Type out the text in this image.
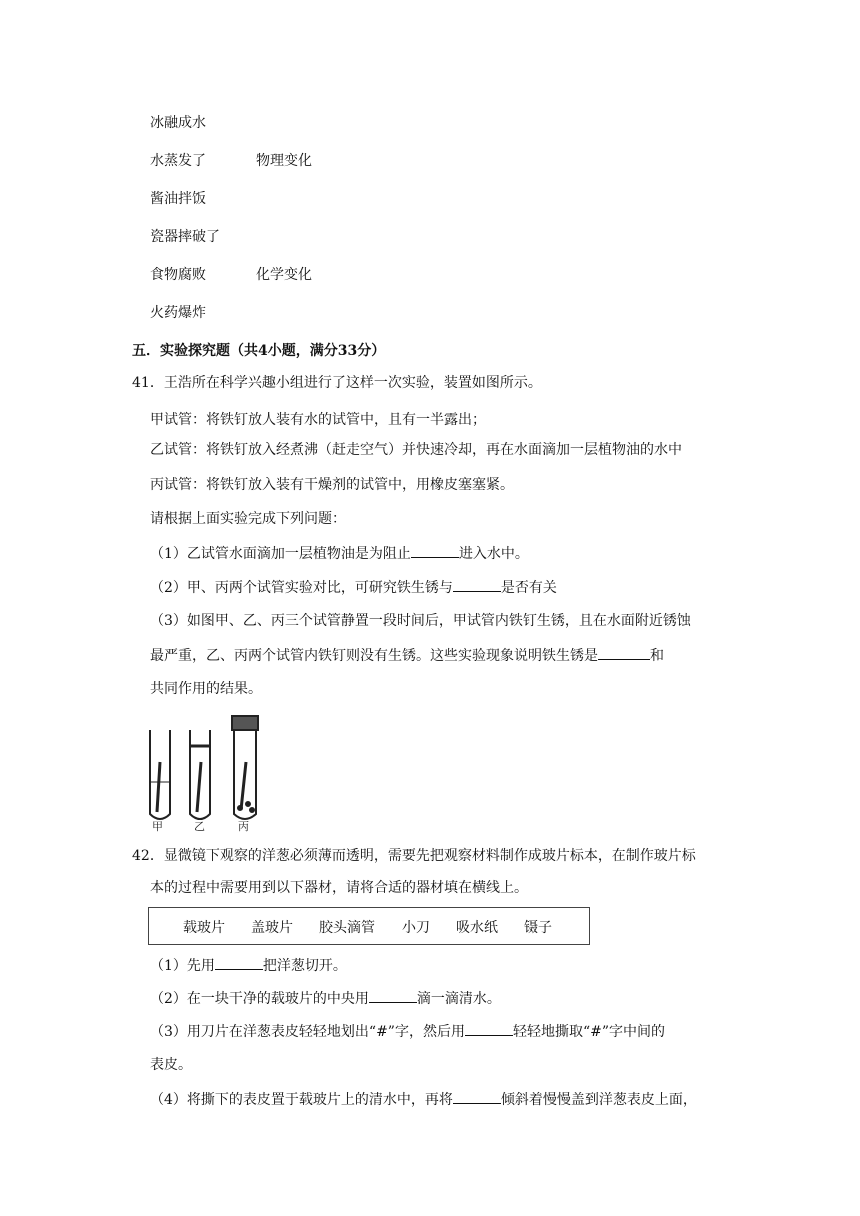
冰融成水
水蒸发了	物理变化
酱油拌饭
瓷器摔破了
食物腐败	化学变化
火药爆炸
五．实验探究题（共4小题，满分33分）
41．王浩所在科学兴趣小组进行了这样一次实验，装置如图所示。
甲试管：将铁钉放人装有水的试管中，且有一半露出；
乙试管：将铁钉放入经煮沸（赶走空气）并快速冷却，再在水面滴加一层植物油的水中
丙试管：将铁钉放入装有干燥剂的试管中，用橡皮塞塞紧。
请根据上面实验完成下列问题：
（1）乙试管水面滴加一层植物油是为阻止	进入水中。
（2）甲、丙两个试管实验对比，可研究铁生锈与	是否有关
（3）如图甲、乙、丙三个试管静置一段时间后，甲试管内铁钉生锈，且在水面附近锈蚀
最严重，乙、丙两个试管内铁钉则没有生锈。这些实验现象说明铁生锈是	和
共同作用的结果。
甲	乙	丙
42．显微镜下观察的洋葱必须薄而透明，需要先把观察材料制作成玻片标本，在制作玻片标
本的过程中需要用到以下器材，请将合适的器材填在横线上。
载玻片 盖玻片 胶头滴管 小刀 吸水纸 镊子
（1）先用	把洋葱切开。
（2）在一块干净的载玻片的中央用	滴一滴清水。
（3）用刀片在洋葱表皮轻轻地划出“#”字，然后用	轻轻地撕取“#”字中间的
表皮。
（4）将撕下的表皮置于载玻片上的清水中，再将	倾斜着慢慢盖到洋葱表皮上面，
